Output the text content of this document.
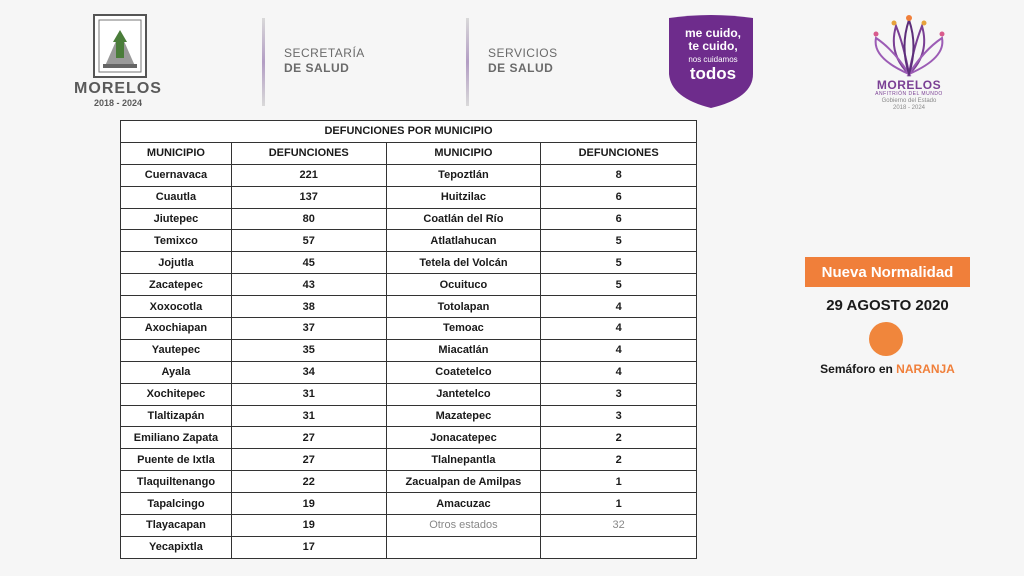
MORELOS
2018 - 2024
SECRETARÍA
DE SALUD
SERVICIOS
DE SALUD
me cuido,
te cuido,
nos cuidamos
todos
MORELOS
ANFITRIÓN DEL MUNDO
Gobierno del Estado
2018 - 2024
DEFUNCIONES POR MUNICIPIO			
MUNICIPIO	DEFUNCIONES	MUNICIPIO	DEFUNCIONES
Cuernavaca	221	Tepoztlán	8
Cuautla	137	Huitzilac	6
Jiutepec	80	Coatlán del Río	6
Temixco	57	Atlatlahucan	5
Jojutla	45	Tetela del Volcán	5
Zacatepec	43	Ocuituco	5
Xoxocotla	38	Totolapan	4
Axochiapan	37	Temoac	4
Yautepec	35	Miacatlán	4
Ayala	34	Coatetelco	4
Xochitepec	31	Jantetelco	3
Tlaltizapán	31	Mazatepec	3
Emiliano Zapata	27	Jonacatepec	2
Puente de Ixtla	27	Tlalnepantla	2
Tlaquiltenango	22	Zacualpan de Amilpas	1
Tapalcingo	19	Amacuzac	1
Tlayacapan	19	Otros estados	32
Yecapixtla	17		
Nueva Normalidad
29 AGOSTO 2020
Semáforo en NARANJA
